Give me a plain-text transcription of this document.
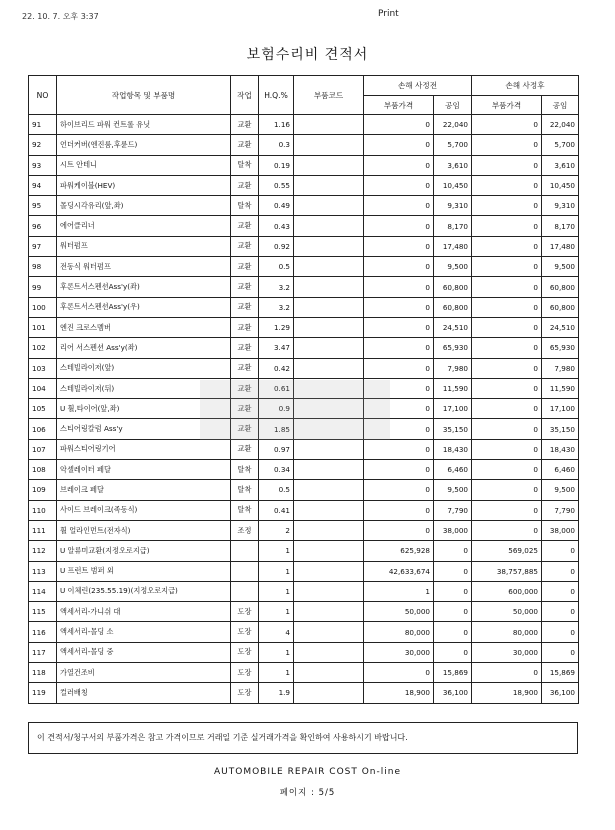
22. 10. 7. 오후 3:37	Print
보험수리비 견적서
NO	작업항목 및 부품명	작업	H.Q.%	부품코드	손해 사정전		손해 사정후	
					부품가격	공임	부품가격	공임
91	하이브리드 파워 컨트롤 유닛	교환	1.16		0	22,040	0	22,040
92	언더커버(엔진룸,후륜드)	교환	0.3		0	5,700	0	5,700
93	시트 안테니	탈착	0.19		0	3,610	0	3,610
94	파워케이블(HEV)	교환	0.55		0	10,450	0	10,450
95	몰딩시각유리(앞,좌)	탈착	0.49		0	9,310	0	9,310
96	에어클리너	교환	0.43		0	8,170	0	8,170
97	워터펌프	교환	0.92		0	17,480	0	17,480
98	전동식 워터펌프	교환	0.5		0	9,500	0	9,500
99	후론트서스펜션Ass'y(좌)	교환	3.2		0	60,800	0	60,800
100	후론트서스펜션Ass'y(우)	교환	3.2		0	60,800	0	60,800
101	엔진 크로스멤버	교환	1.29		0	24,510	0	24,510
102	리어 서스펜션 Ass'y(좌)	교환	3.47		0	65,930	0	65,930
103	스테빌라이저(앞)	교환	0.42		0	7,980	0	7,980
104	스테빌라이저(뒤)	교환	0.61		0	11,590	0	11,590
105	U 휠,타이어(앞,좌)	교환	0.9		0	17,100	0	17,100
106	스티어링칼럼 Ass'y	교환	1.85		0	35,150	0	35,150
107	파워스티어링기어	교환	0.97		0	18,430	0	18,430
108	악셀레이터 페달	탈착	0.34		0	6,460	0	6,460
109	브레이크 페달	탈착	0.5		0	9,500	0	9,500
110	사이드 브레이크(족동식)	탈착	0.41		0	7,790	0	7,790
111	휠 얼라인먼트(전자식)	조정	2		0	38,000	0	38,000
112	U 알류미교환(지정오로지급)		1		625,928	0	569,025	0
113	U 프런트 범퍼 외		1		42,633,674	0	38,757,885	0
114	U 이체린(235.55.19)(지정오로지급)		1		1	0	600,000	0
115	액세서리-가니쉬 대	도장	1		50,000	0	50,000	0
116	액세서리-몰딩 소	도장	4		80,000	0	80,000	0
117	액세서리-몰딩 중	도장	1		30,000	0	30,000	0
118	가열건조비	도장	1		0	15,869	0	15,869
119	컬러배칭	도장	1.9		18,900	36,100	18,900	36,100
이 견적서/청구서의 부품가격은 참고 가격이므로 거래일 기준 실거래가격을 확인하여 사용하시기 바랍니다.
AUTOMOBILE REPAIR COST On-line
페이지 : 5/5
